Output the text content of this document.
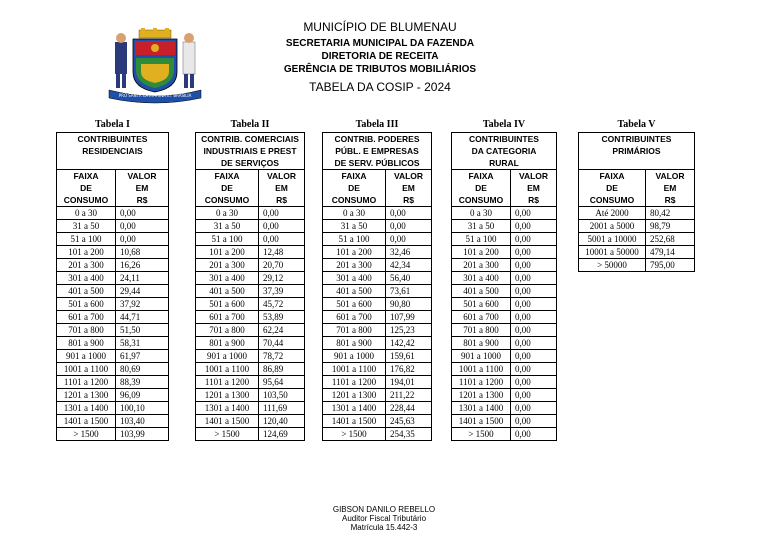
MUNICÍPIO DE BLUMENAU
SECRETARIA MUNICIPAL DA FAZENDA
DIRETORIA DE RECEITA
GERÊNCIA DE TRIBUTOS MOBILIÁRIOS
TABELA DA COSIP - 2024
PRO SANTA CATHARINA ET BRASILIA
Tabela I
CONTRIBUINTES	
RESIDENCIAIS	

FAIXA	VALOR
DE	EM
CONSUMO	R$
0 a 30	0,00
31 a 50	0,00
51 a 100	0,00
101 a 200	10,68
201 a 300	16,26
301 a 400	24,11
401 a 500	29,44
501 a 600	37,92
601 a 700	44,71
701 a 800	51,50
801 a 900	58,31
901 a 1000	61,97
1001 a 1100	80,69
1101 a 1200	88,39
1201 a 1300	96,09
1301 a 1400	100,10
1401 a 1500	103,40
> 1500	103,99
Tabela II
CONTRIB. COMERCIAIS	
INDUSTRIAIS E PREST	
DE SERVIÇOS	
FAIXA	VALOR
DE	EM
CONSUMO	R$
0 a 30	0,00
31 a 50	0,00
51 a 100	0,00
101 a 200	12,48
201 a 300	20,70
301 a 400	29,12
401 a 500	37,39
501 a 600	45,72
601 a 700	53,89
701 a 800	62,24
801 a 900	70,44
901 a 1000	78,72
1001 a 1100	86,89
1101 a 1200	95,64
1201 a 1300	103,50
1301 a 1400	111,69
1401 a 1500	120,40
> 1500	124,69
Tabela III
CONTRIB. PODERES	
PÚBL. E EMPRESAS	
DE SERV. PÚBLICOS	
FAIXA	VALOR
DE	EM
CONSUMO	R$
0 a 30	0,00
31 a 50	0,00
51 a 100	0,00
101 a 200	32,46
201 a 300	42,34
301 a 400	56,40
401 a 500	73,61
501 a 600	90,80
601 a 700	107,99
701 a 800	125,23
801 a 900	142,42
901 a 1000	159,61
1001 a 1100	176,82
1101 a 1200	194,01
1201 a 1300	211,22
1301 a 1400	228,44
1401 a 1500	245,63
> 1500	254,35
Tabela IV
CONTRIBUINTES	
DA CATEGORIA	
RURAL	
FAIXA	VALOR
DE	EM
CONSUMO	R$
0 a 30	0,00
31 a 50	0,00
51 a 100	0,00
101 a 200	0,00
201 a 300	0,00
301 a 400	0,00
401 a 500	0,00
501 a 600	0,00
601 a 700	0,00
701 a 800	0,00
801 a 900	0,00
901 a 1000	0,00
1001 a 1100	0,00
1101 a 1200	0,00
1201 a 1300	0,00
1301 a 1400	0,00
1401 a 1500	0,00
> 1500	0,00
Tabela V
CONTRIBUINTES	
PRIMÁRIOS	

FAIXA	VALOR
DE	EM
CONSUMO	R$
Até 2000	80,42
2001 a 5000	98,79
5001 a 10000	252,68
10001 a 50000	479,14
> 50000	795,00
GIBSON DANILO REBELLO
Auditor Fiscal Tributário
Matrícula 15.442-3
